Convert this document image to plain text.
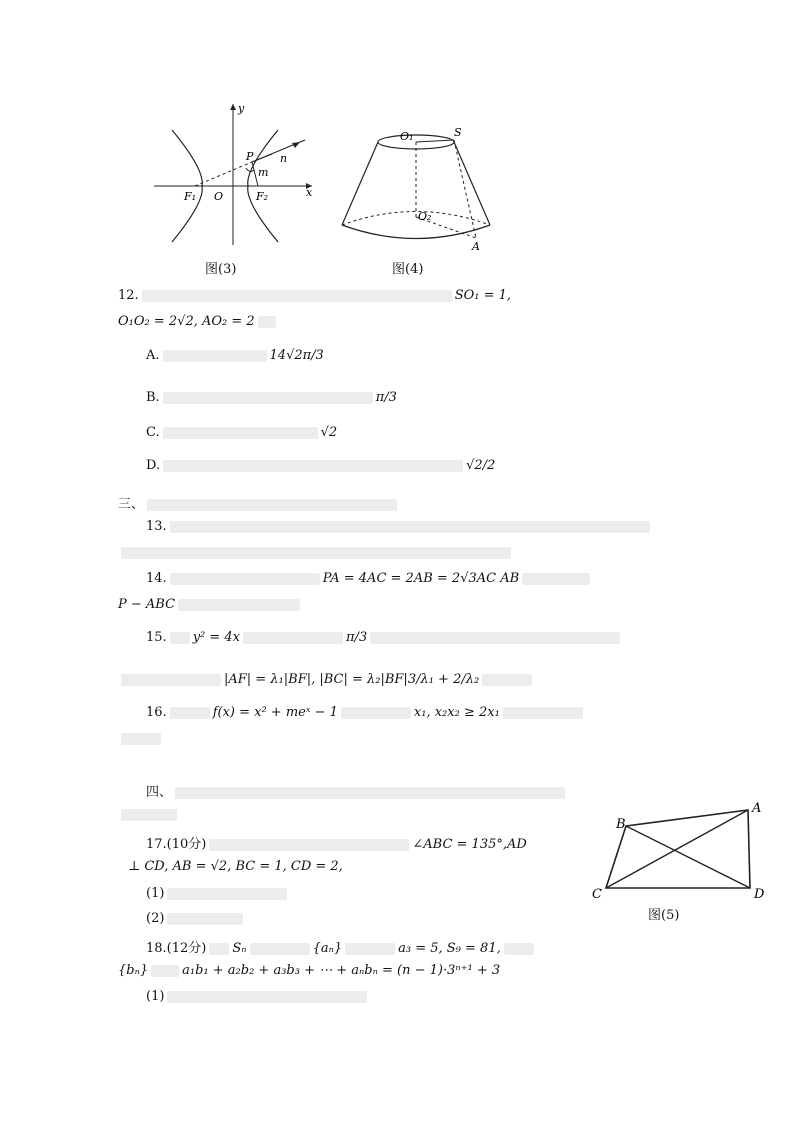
y
x
P n
m
F₁ O	F₂
图(3)
O₁	S
O₂
A
图(4)
12.	SO₁ = 1,
O₁O₂ = 2√2, AO₂ = 2
A.	14√2π/3
B.	π/3
C.	√2
D.	√2/2
三、
13.
14.	PA = 4AC = 2AB = 2√3AC AB
P − ABC
15. y² = 4x	π/3
|AF| = λ₁|BF|, |BC| = λ₂|BF|3/λ₁ + 2/λ₂
16.	f(x) = x² + meˣ − 1	x₁, x₂x₂ ≥ 2x₁
四、
A
B
C	D
图(5)
17.(10分)	∠ABC = 135°,AD
⊥ CD, AB = √2, BC = 1, CD = 2,
(1)
(2)
18.(12分) Sₙ	{aₙ}	a₃ = 5, S₉ = 81,
{bₙ}	a₁b₁ + a₂b₂ + a₃b₃ + ⋯ + aₙbₙ = (n − 1)·3ⁿ⁺¹ + 3
(1)
